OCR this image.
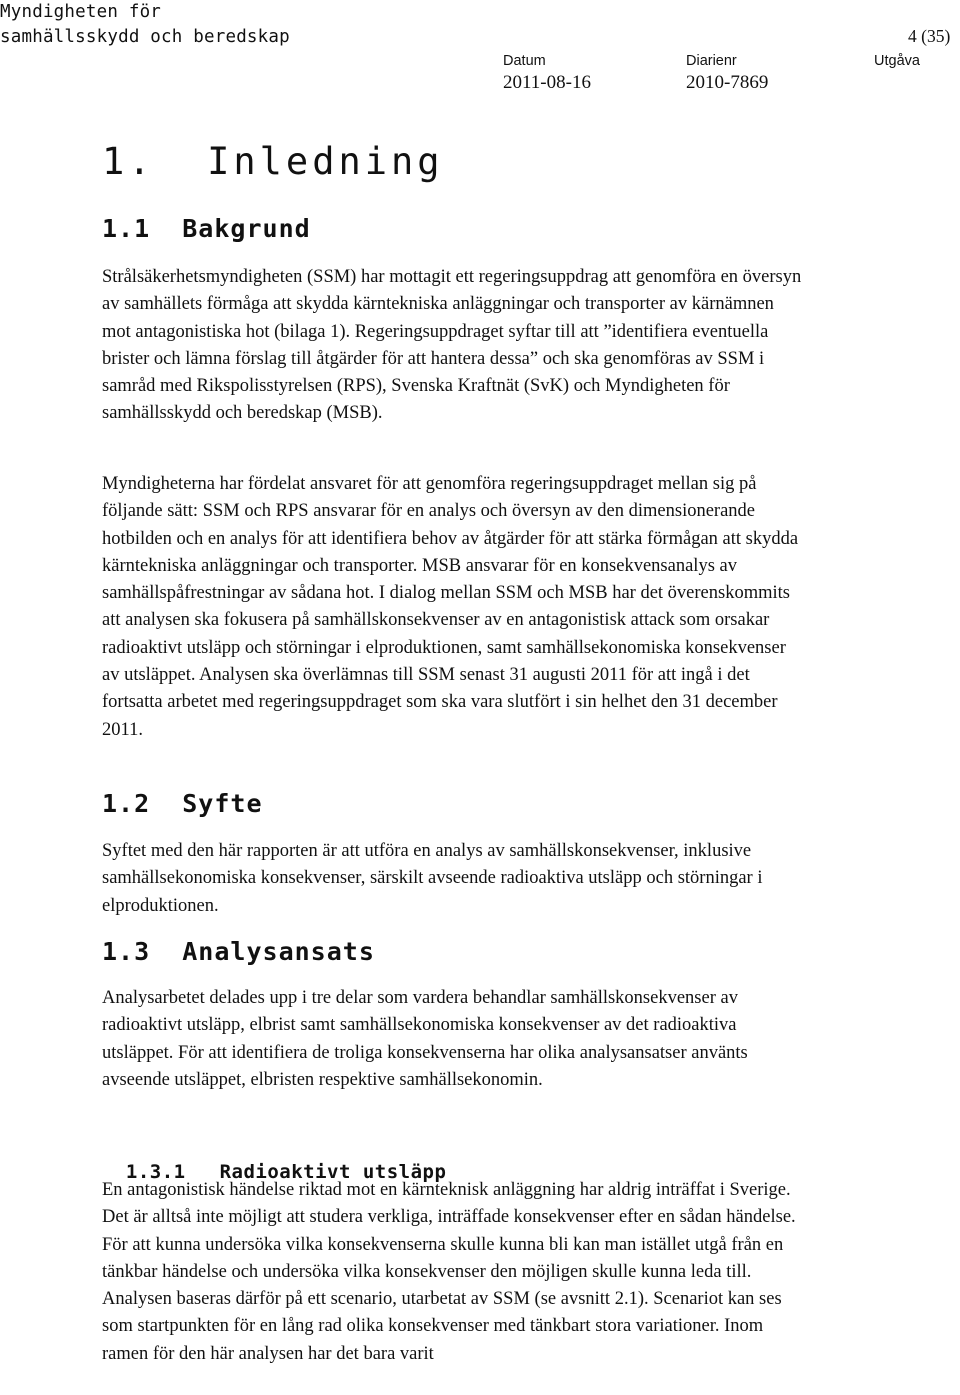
Myndigheten för
samhällsskydd och beredskap	4 (35)
Datum
2011-08-16
Diarienr
2010-7869
Utgåva
1.  Inledning
1.1  Bakgrund

Strålsäkerhetsmyndigheten (SSM) har mottagit ett regeringsuppdrag att genomföra en översyn av samhällets förmåga att skydda kärntekniska anläggningar och transporter av kärnämnen mot antagonistiska hot (bilaga 1). Regeringsuppdraget syftar till att ”identifiera eventuella brister och lämna förslag till åtgärder för att hantera dessa” och ska genomföras av SSM i samråd med Rikspolisstyrelsen (RPS), Svenska Kraftnät (SvK) och Myndigheten för samhällsskydd och beredskap (MSB).

Myndigheterna har fördelat ansvaret för att genomföra regeringsuppdraget mellan sig på följande sätt: SSM och RPS ansvarar för en analys och översyn av den dimensionerande hotbilden och en analys för att identifiera behov av åtgärder för att stärka förmågan att skydda kärntekniska anläggningar och transporter. MSB ansvarar för en konsekvensanalys av samhällspåfrestningar av sådana hot. I dialog mellan SSM och MSB har det överenskommits att analysen ska fokusera på samhällskonsekvenser av en antagonistisk attack som orsakar radioaktivt utsläpp och störningar i elproduktionen, samt samhällsekonomiska konsekvenser av utsläppet. Analysen ska överlämnas till SSM senast 31 augusti 2011 för att ingå i det fortsatta arbetet med regeringsuppdraget som ska vara slutfört i sin helhet den 31 december 2011.

1.2  Syfte

Syftet med den här rapporten är att utföra en analys av samhällskonsekvenser, inklusive samhällsekonomiska konsekvenser, särskilt avseende radioaktiva utsläpp och störningar i elproduktionen.

1.3  Analysansats

Analysarbetet delades upp i tre delar som vardera behandlar samhällskonsekvenser av radioaktivt utsläpp, elbrist samt samhällsekonomiska konsekvenser av det radioaktiva utsläppet. För att identifiera de troliga konsekvenserna har olika analysansatser använts avseende utsläppet, elbristen respektive samhällsekonomin.

1.3.1 Radioaktivt utsläpp

En antagonistisk händelse riktad mot en kärnteknisk anläggning har aldrig inträffat i Sverige. Det är alltså inte möjligt att studera verkliga, inträffade konsekvenser efter en sådan händelse. För att kunna undersöka vilka konsekvenserna skulle kunna bli kan man istället utgå från en tänkbar händelse och undersöka vilka konsekvenser den möjligen skulle kunna leda till. Analysen baseras därför på ett scenario, utarbetat av SSM (se avsnitt 2.1). Scenariot kan ses som startpunkten för en lång rad olika konsekvenser med tänkbart stora variationer. Inom ramen för den här analysen har det bara varit
